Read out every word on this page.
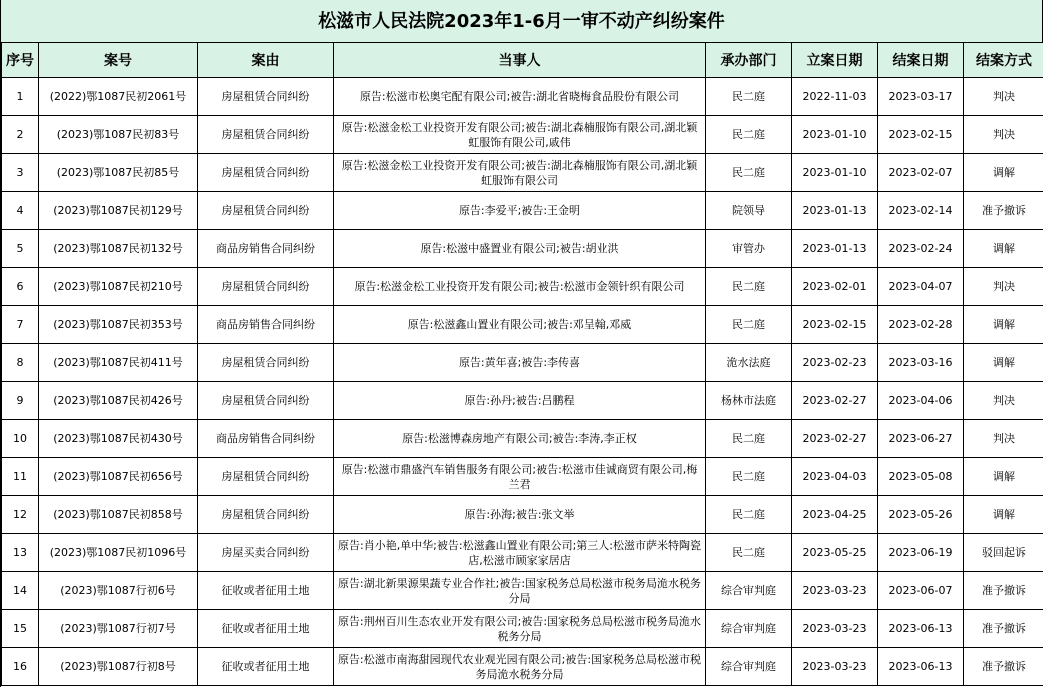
松滋市人民法院2023年1-6月一审不动产纠纷案件
序号	案号	案由	当事人	承办部门	立案日期	结案日期	结案方式
1	(2022)鄂1087民初2061号	房屋租赁合同纠纷	原告:松滋市松奥宅配有限公司;被告:湖北省晓梅食品股份有限公司	民二庭	2022-11-03	2023-03-17	判决
2	(2023)鄂1087民初83号	房屋租赁合同纠纷	原告:松滋金松工业投资开发有限公司;被告:湖北森楠服饰有限公司,湖北颖虹服饰有限公司,戚伟	民二庭	2023-01-10	2023-02-15	判决
3	(2023)鄂1087民初85号	房屋租赁合同纠纷	原告:松滋金松工业投资开发有限公司;被告:湖北森楠服饰有限公司,湖北颖虹服饰有限公司	民二庭	2023-01-10	2023-02-07	调解
4	(2023)鄂1087民初129号	房屋租赁合同纠纷	原告:李爱平;被告:王金明	院领导	2023-01-13	2023-02-14	准予撤诉
5	(2023)鄂1087民初132号	商品房销售合同纠纷	原告:松滋中盛置业有限公司;被告:胡业洪	审管办	2023-01-13	2023-02-24	调解
6	(2023)鄂1087民初210号	房屋租赁合同纠纷	原告:松滋金松工业投资开发有限公司;被告:松滋市金领针织有限公司	民二庭	2023-02-01	2023-04-07	判决
7	(2023)鄂1087民初353号	商品房销售合同纠纷	原告:松滋鑫山置业有限公司;被告:邓呈翰,邓威	民二庭	2023-02-15	2023-02-28	调解
8	(2023)鄂1087民初411号	房屋租赁合同纠纷	原告:黄年喜;被告:李传喜	洈水法庭	2023-02-23	2023-03-16	调解
9	(2023)鄂1087民初426号	房屋租赁合同纠纷	原告:孙丹;被告:吕鹏程	杨林市法庭	2023-02-27	2023-04-06	判决
10	(2023)鄂1087民初430号	商品房销售合同纠纷	原告:松滋博森房地产有限公司;被告:李涛,李正权	民二庭	2023-02-27	2023-06-27	判决
11	(2023)鄂1087民初656号	房屋租赁合同纠纷	原告:松滋市鼎盛汽车销售服务有限公司;被告:松滋市佳诚商贸有限公司,梅兰君	民二庭	2023-04-03	2023-05-08	调解
12	(2023)鄂1087民初858号	房屋租赁合同纠纷	原告:孙海;被告:张文举	民二庭	2023-04-25	2023-05-26	调解
13	(2023)鄂1087民初1096号	房屋买卖合同纠纷	原告:肖小艳,单中华;被告:松滋鑫山置业有限公司;第三人:松滋市萨米特陶瓷店,松滋市顾家家居店	民二庭	2023-05-25	2023-06-19	驳回起诉
14	(2023)鄂1087行初6号	征收或者征用土地	原告:湖北新果源果蔬专业合作社;被告:国家税务总局松滋市税务局洈水税务分局	综合审判庭	2023-03-23	2023-06-07	准予撤诉
15	(2023)鄂1087行初7号	征收或者征用土地	原告:荆州百川生态农业开发有限公司;被告:国家税务总局松滋市税务局洈水税务分局	综合审判庭	2023-03-23	2023-06-13	准予撤诉
16	(2023)鄂1087行初8号	征收或者征用土地	原告:松滋市南海甜园现代农业观光园有限公司;被告:国家税务总局松滋市税务局洈水税务分局	综合审判庭	2023-03-23	2023-06-13	准予撤诉
